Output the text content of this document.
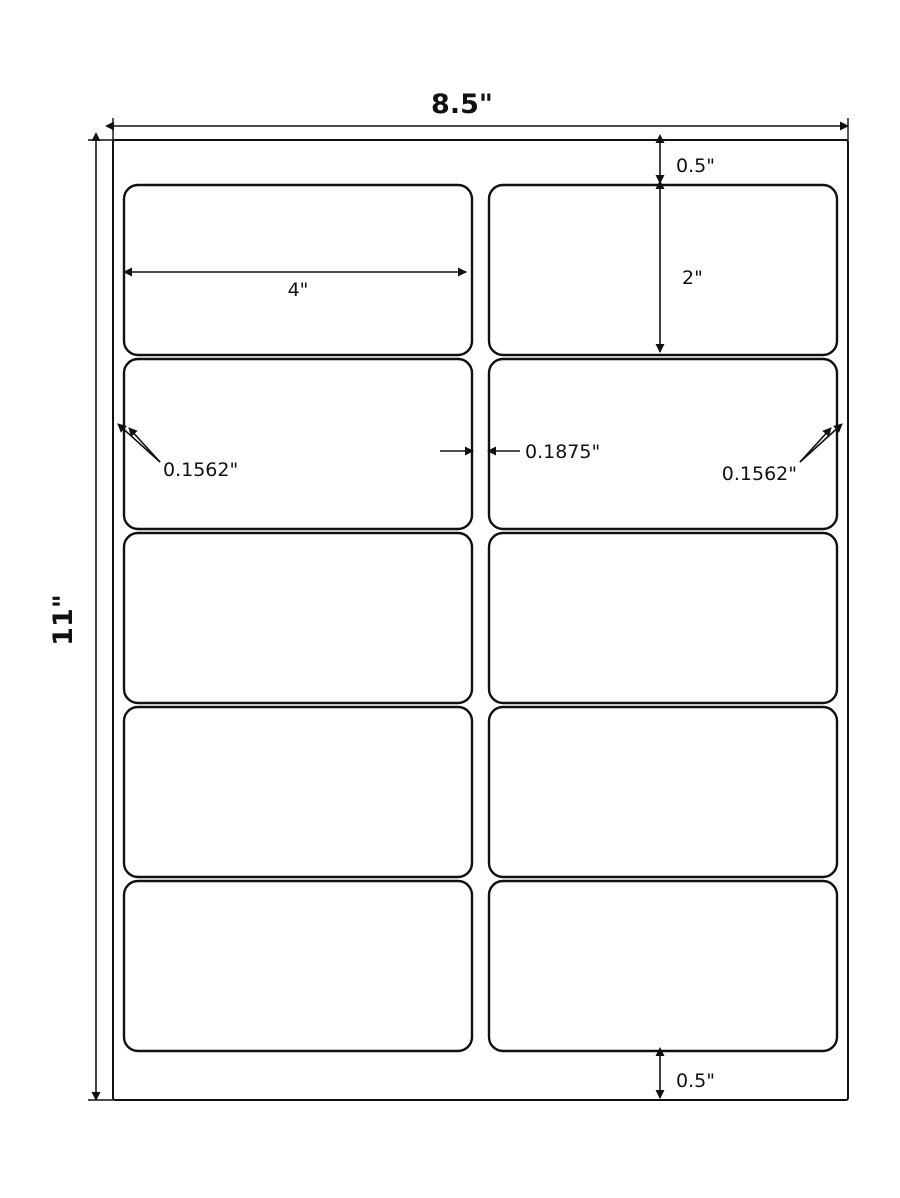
8.5"
11"
4"
2"
0.5"
0.5"
0.1562"	0.1562"
0.1875"
